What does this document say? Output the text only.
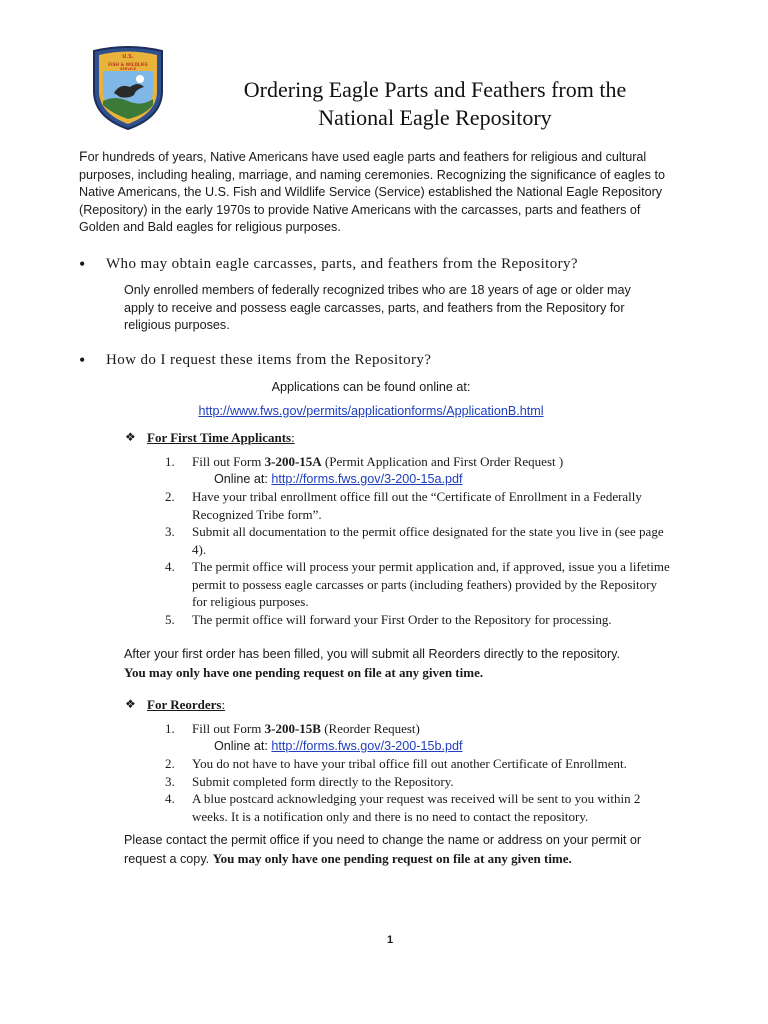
U.S.
FISH & WILDLIFE
SERVICE
Ordering Eagle Parts and Feathers from the
National Eagle Repository
For hundreds of years, Native Americans have used eagle parts and feathers for religious and cultural purposes, including healing, marriage, and naming ceremonies. Recognizing the significance of eagles to Native Americans, the U.S. Fish and Wildlife Service (Service) established the National Eagle Repository (Repository) in the early 1970s to provide Native Americans with the carcasses, parts and feathers of Golden and Bald eagles for religious purposes.
• Who may obtain eagle carcasses, parts, and feathers from the Repository?
Only enrolled members of federally recognized tribes who are 18 years of age or older may apply to receive and possess eagle carcasses, parts, and feathers from the Repository for religious purposes.
• How do I request these items from the Repository?
Applications can be found online at:
http://www.fws.gov/permits/applicationforms/ApplicationB.html
❖ For First Time Applicants:
1. Fill out Form 3-200-15A (Permit Application and First Order Request )
Online at: http://forms.fws.gov/3-200-15a.pdf
2. Have your tribal enrollment office fill out the “Certificate of Enrollment in a Federally Recognized Tribe form”.
3. Submit all documentation to the permit office designated for the state you live in (see page 4).
4. The permit office will process your permit application and, if approved, issue you a lifetime permit to possess eagle carcasses or parts (including feathers) provided by the Repository for religious purposes.
5. The permit office will forward your First Order to the Repository for processing.
After your first order has been filled, you will submit all Reorders directly to the repository.
You may only have one pending request on file at any given time.
❖ For Reorders:
1. Fill out Form 3-200-15B (Reorder Request)
Online at: http://forms.fws.gov/3-200-15b.pdf
2. You do not have to have your tribal office fill out another Certificate of Enrollment.
3. Submit completed form directly to the Repository.
4. A blue postcard acknowledging your request was received will be sent to you within 2 weeks. It is a notification only and there is no need to contact the repository.
Please contact the permit office if you need to change the name or address on your permit or request a copy. You may only have one pending request on file at any given time.
1
